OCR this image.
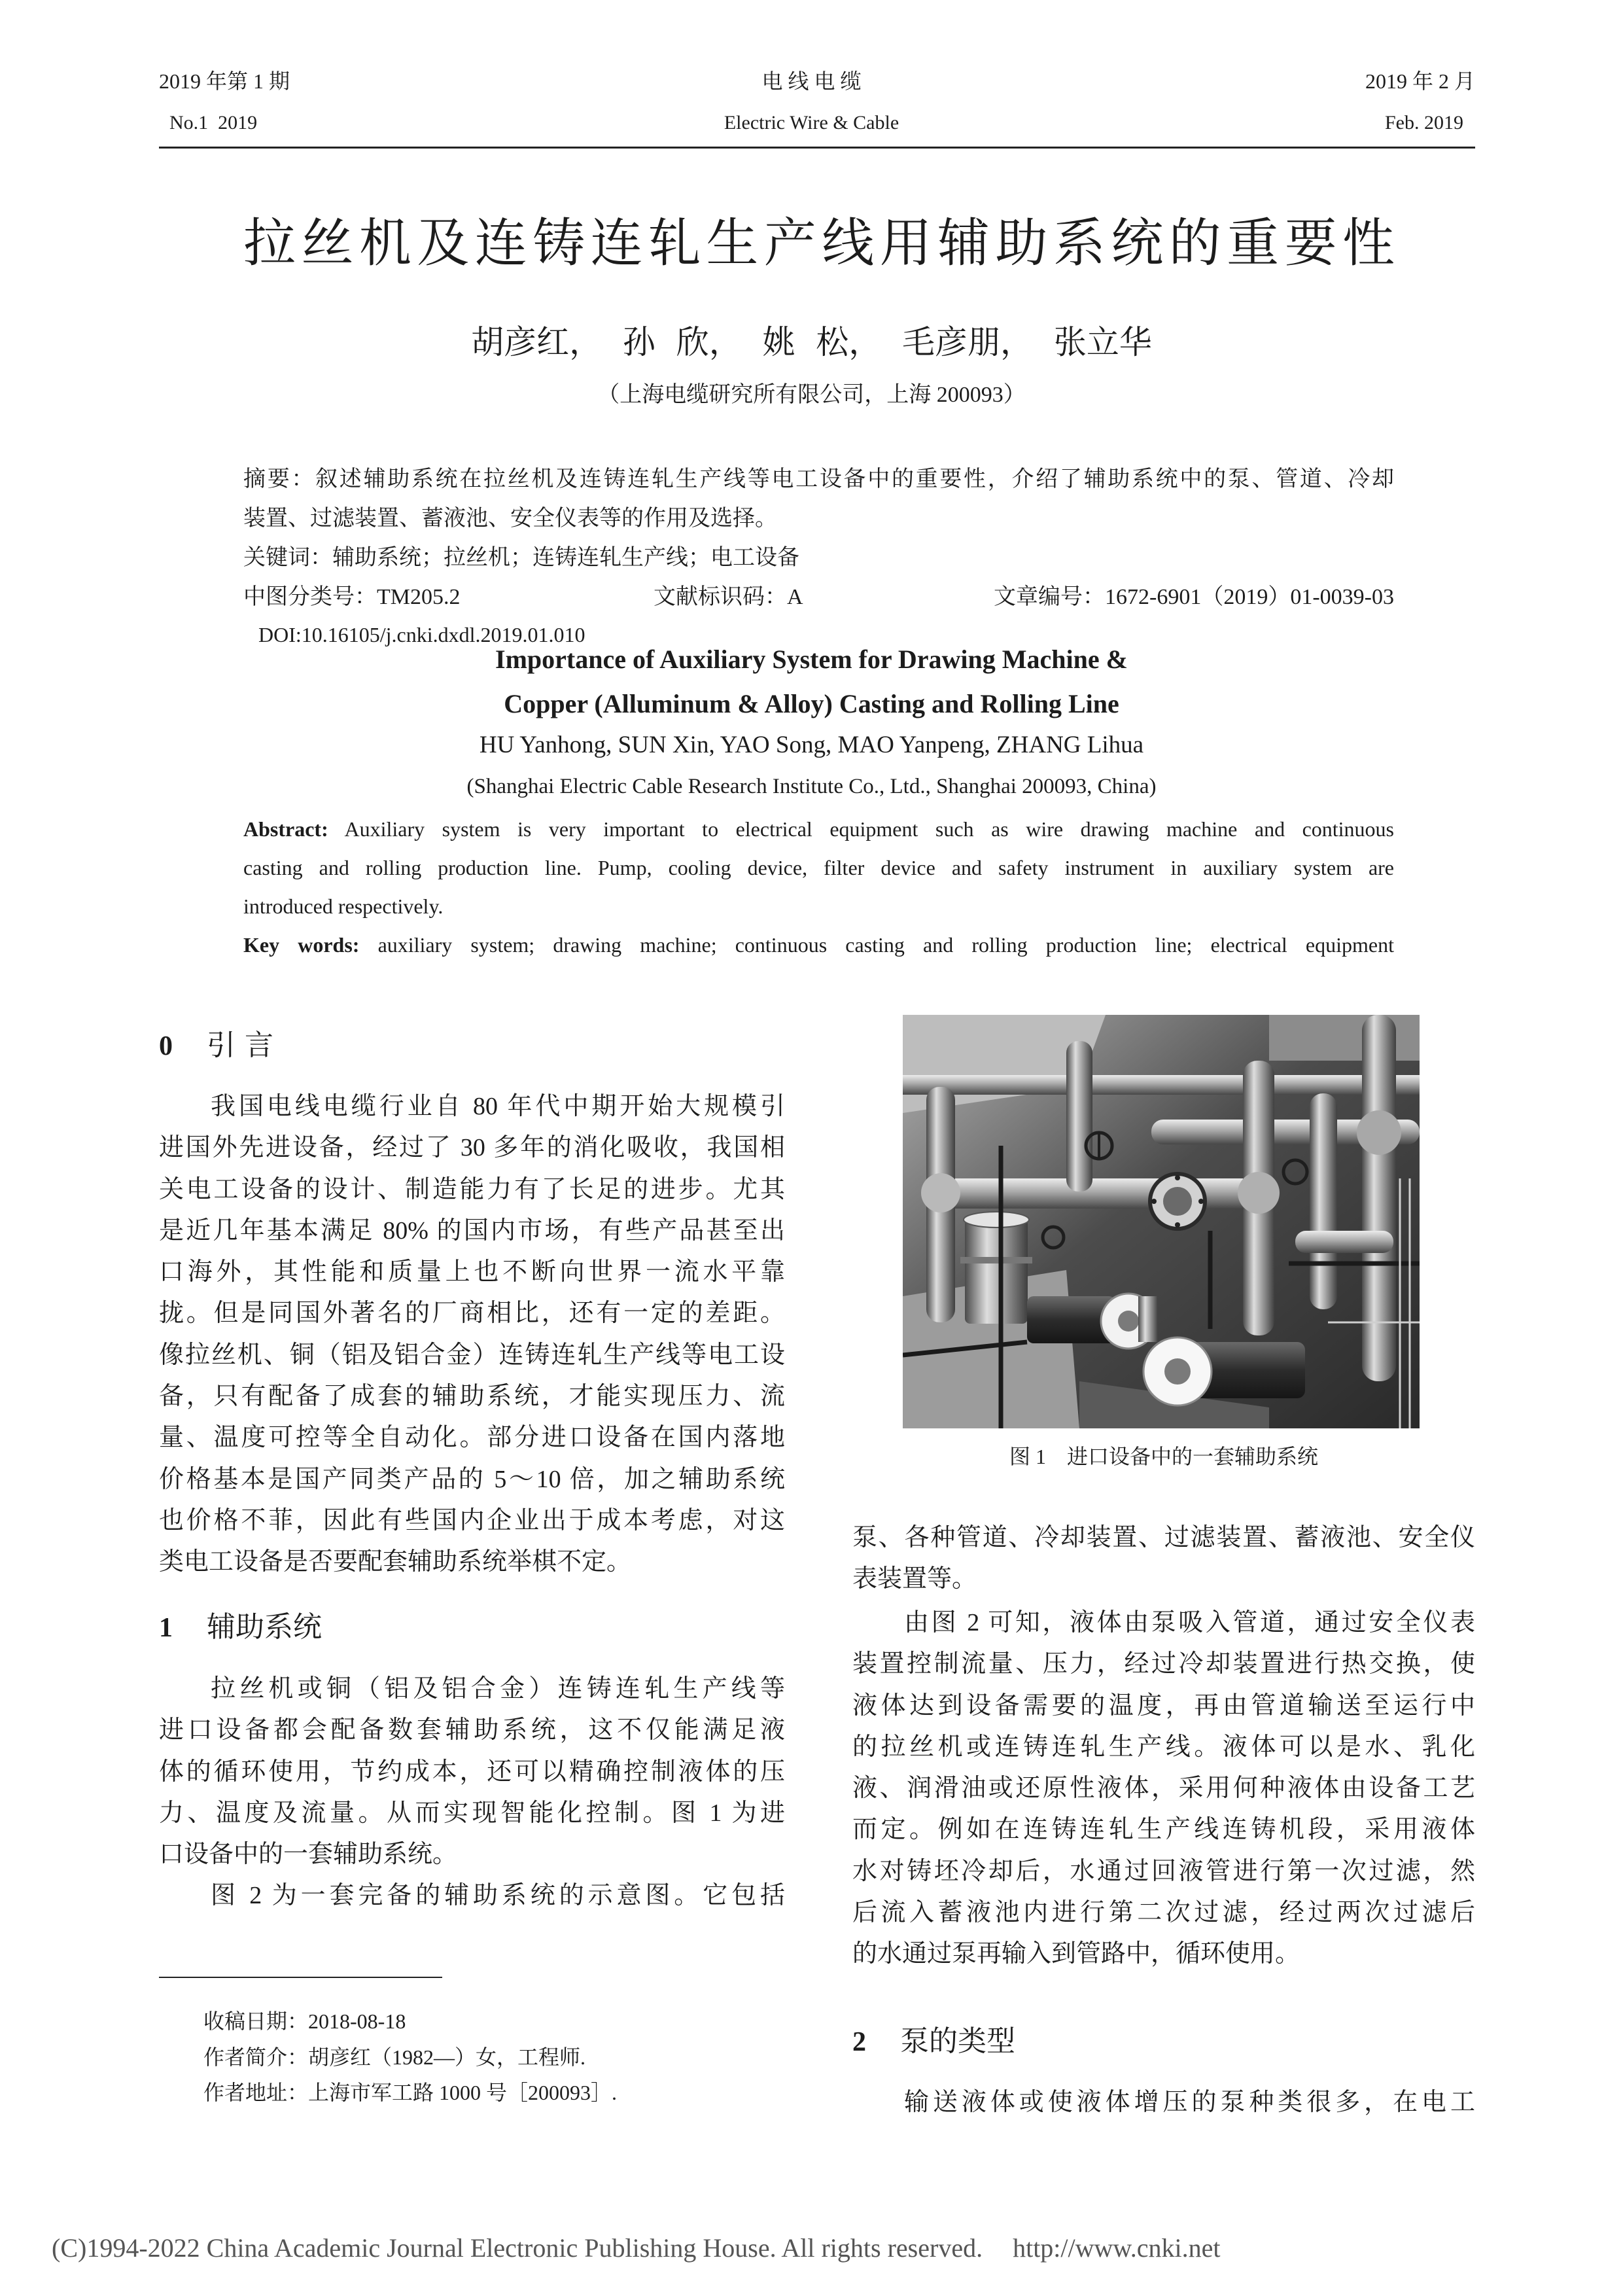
2019 年第 1 期
No.1  2019
电 线 电 缆
Electric Wire & Cable
2019 年 2 月
Feb. 2019
拉丝机及连铸连轧生产线用辅助系统的重要性
胡彦红，  孙  欣，  姚  松，  毛彦朋，  张立华
（上海电缆研究所有限公司，上海 200093）
摘要：叙述辅助系统在拉丝机及连铸连轧生产线等电工设备中的重要性，介绍了辅助系统中的泵、管道、冷却
装置、过滤装置、蓄液池、安全仪表等的作用及选择。
关键词：辅助系统；拉丝机；连铸连轧生产线；电工设备
中图分类号：TM205.2	文献标识码：A	文章编号：1672-6901（2019）01-0039-03
DOI:10.16105/j.cnki.dxdl.2019.01.010
Importance of Auxiliary System for Drawing Machine &
Copper (Alluminum & Alloy) Casting and Rolling Line
HU Yanhong, SUN Xin, YAO Song, MAO Yanpeng, ZHANG Lihua
(Shanghai Electric Cable Research Institute Co., Ltd., Shanghai 200093, China)
Abstract: Auxiliary system is very important to electrical equipment such as wire drawing machine and continuous
casting and rolling production line. Pump, cooling device, filter device and safety instrument in auxiliary system are
introduced respectively.
Key words: auxiliary system; drawing machine; continuous casting and rolling production line; electrical equipment
0 引 言
我国电线电缆行业自 80 年代中期开始大规模引
进国外先进设备，经过了 30 多年的消化吸收，我国相
关电工设备的设计、制造能力有了长足的进步。尤其
是近几年基本满足 80% 的国内市场，有些产品甚至出
口海外，其性能和质量上也不断向世界一流水平靠
拢。但是同国外著名的厂商相比，还有一定的差距。
像拉丝机、铜（铝及铝合金）连铸连轧生产线等电工设
备，只有配备了成套的辅助系统，才能实现压力、流
量、温度可控等全自动化。部分进口设备在国内落地
价格基本是国产同类产品的 5～10 倍，加之辅助系统
也价格不菲，因此有些国内企业出于成本考虑，对这
类电工设备是否要配套辅助系统举棋不定。
1 辅助系统
拉丝机或铜（铝及铝合金）连铸连轧生产线等
进口设备都会配备数套辅助系统，这不仅能满足液
体的循环使用，节约成本，还可以精确控制液体的压
力、温度及流量。从而实现智能化控制。图 1 为进
口设备中的一套辅助系统。
图 2 为一套完备的辅助系统的示意图。它包括
收稿日期：2018-08-18
作者简介：胡彦红（1982—）女，工程师.
作者地址：上海市军工路 1000 号［200093］.
图 1 进口设备中的一套辅助系统
泵、各种管道、冷却装置、过滤装置、蓄液池、安全仪
表装置等。
由图 2 可知，液体由泵吸入管道，通过安全仪表
装置控制流量、压力，经过冷却装置进行热交换，使
液体达到设备需要的温度，再由管道输送至运行中
的拉丝机或连铸连轧生产线。液体可以是水、乳化
液、润滑油或还原性液体，采用何种液体由设备工艺
而定。例如在连铸连轧生产线连铸机段，采用液体
水对铸坯冷却后，水通过回液管进行第一次过滤，然
后流入蓄液池内进行第二次过滤，经过两次过滤后
的水通过泵再输入到管路中，循环使用。
2 泵的类型
输送液体或使液体增压的泵种类很多，在电工
(C)1994-2022 China Academic Journal Electronic Publishing House. All rights reserved. http://www.cnki.net
